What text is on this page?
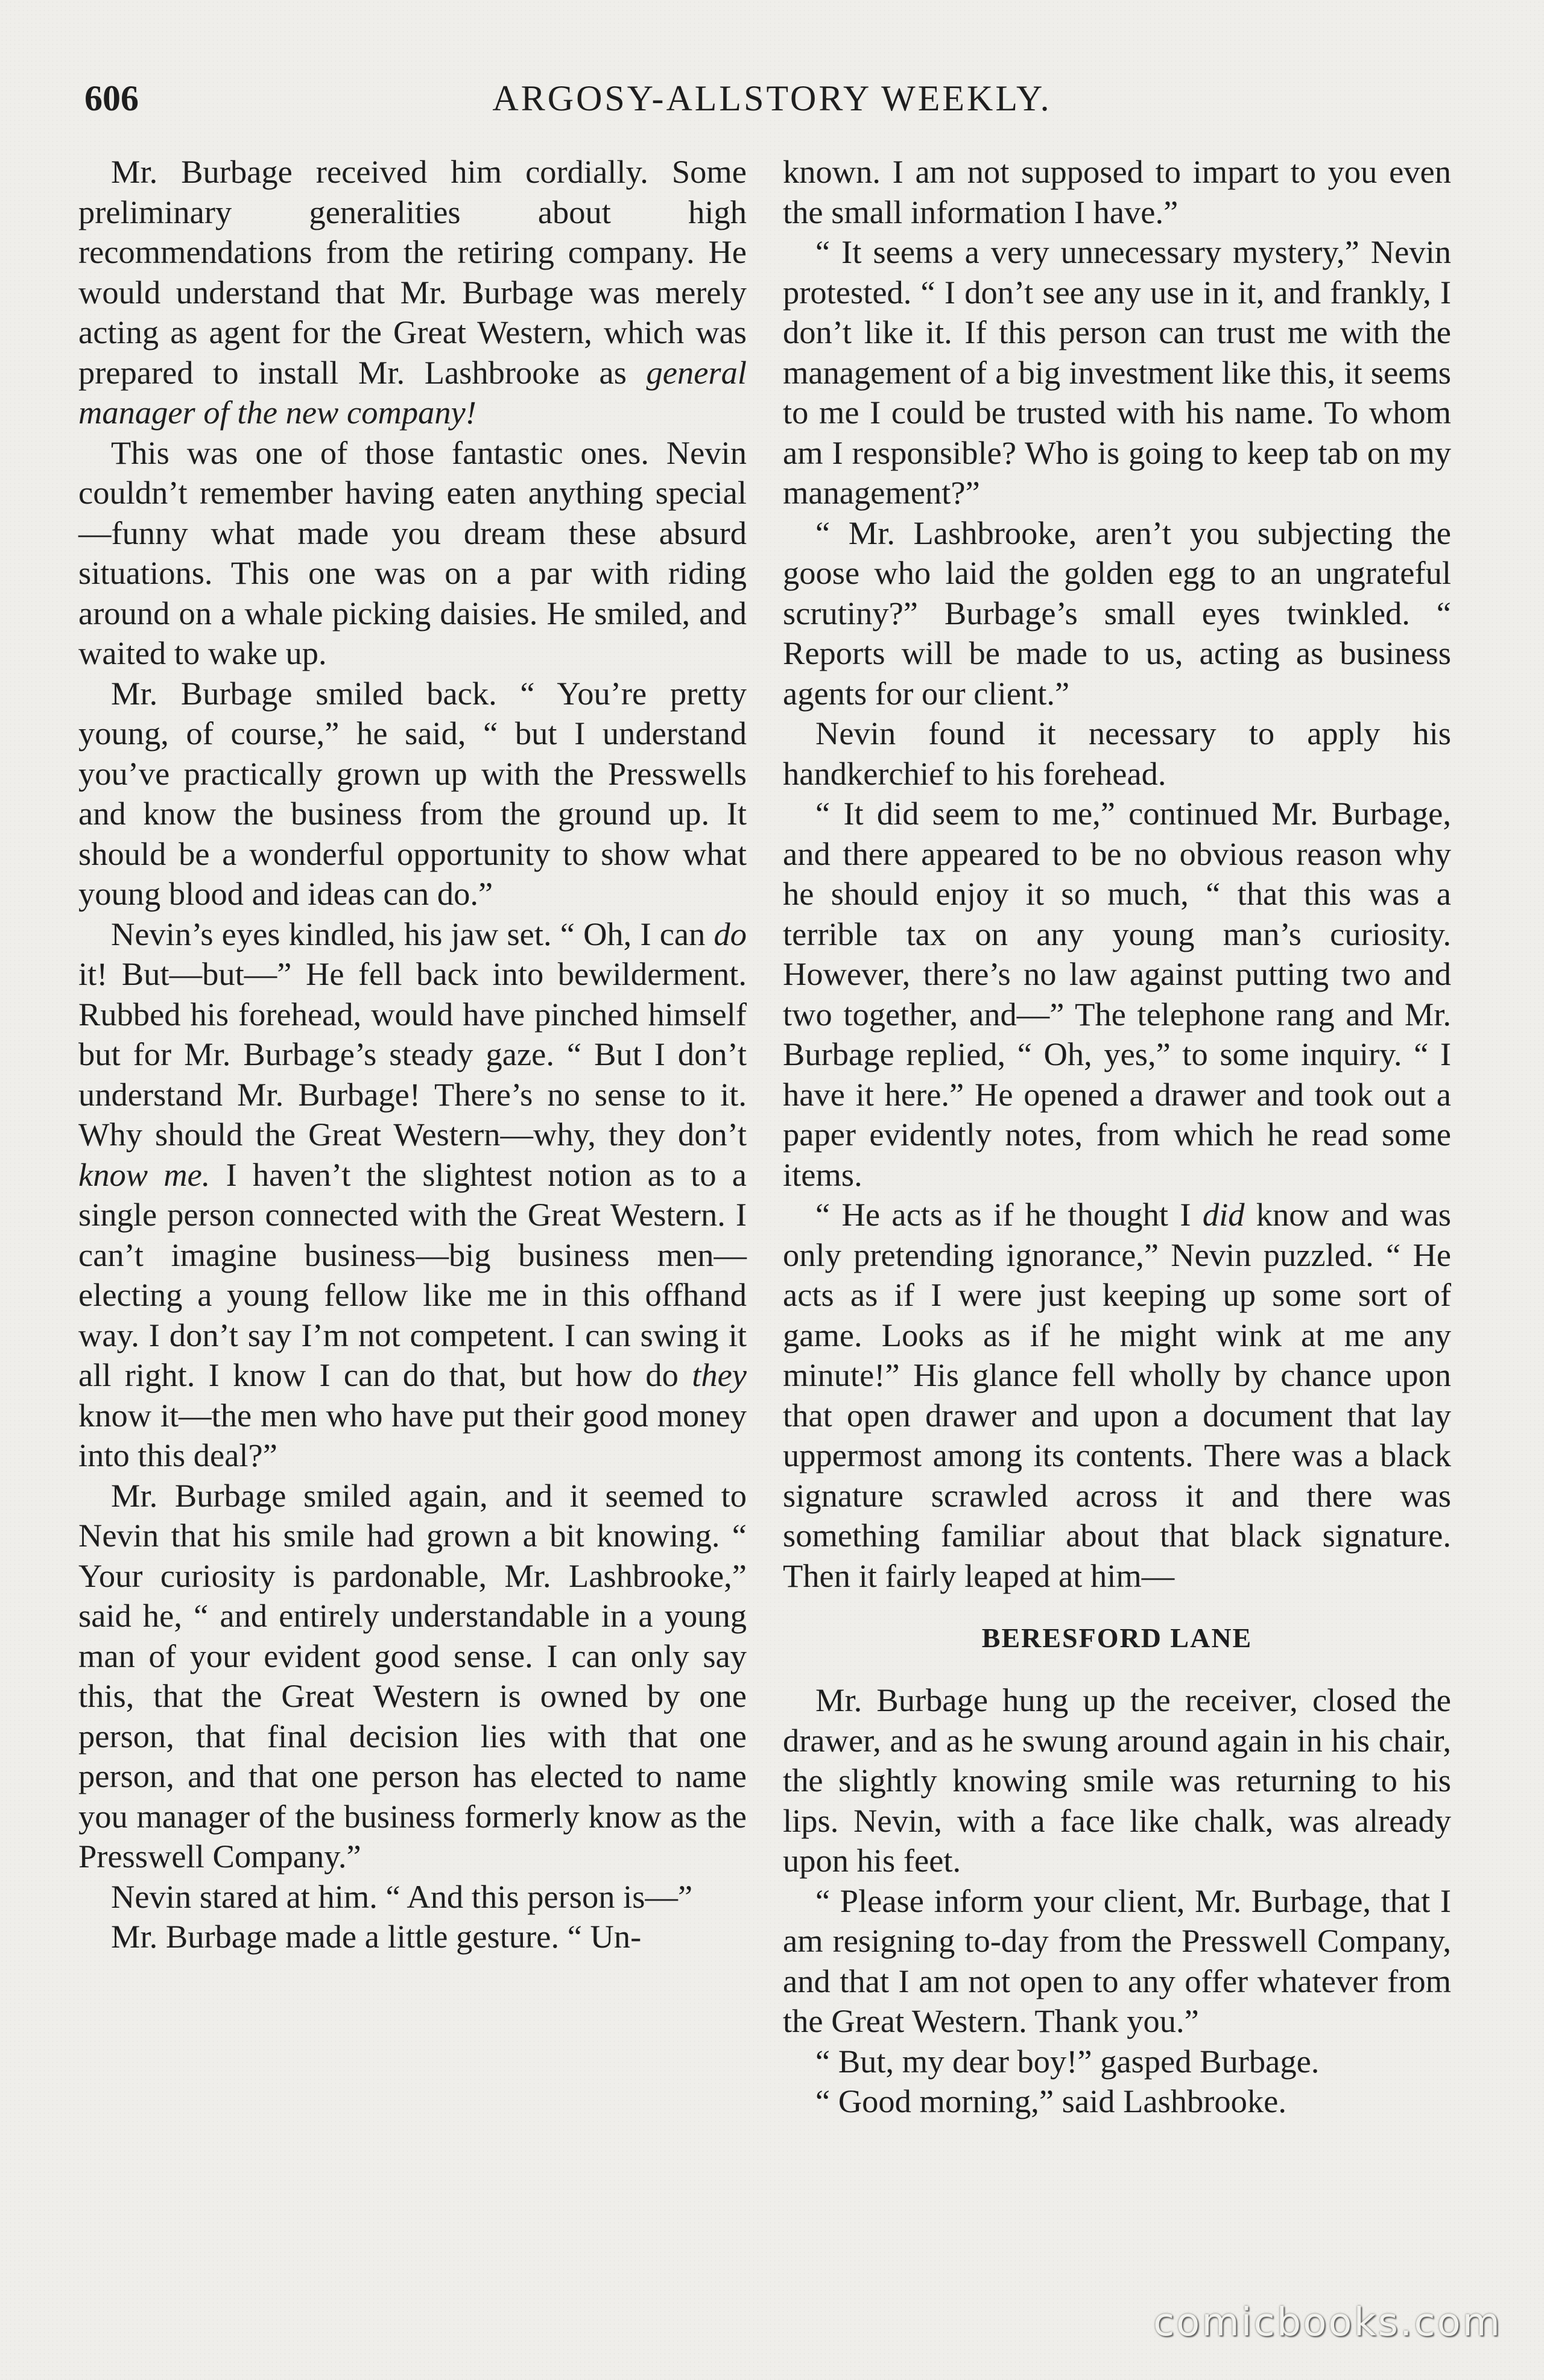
606	ARGOSY-ALLSTORY WEEKLY.

Mr. Burbage received him cordially. Some preliminary generalities about high recommendations from the retiring company. He would understand that Mr. Burbage was merely acting as agent for the Great Western, which was prepared to install Mr. Lashbrooke as general manager of the new company!

This was one of those fantastic ones. Nevin couldn’t remember having eaten anything special—funny what made you dream these absurd situations. This one was on a par with riding around on a whale picking daisies. He smiled, and waited to wake up.

Mr. Burbage smiled back. “ You’re pretty young, of course,” he said, “ but I understand you’ve practically grown up with the Presswells and know the business from the ground up. It should be a wonderful opportunity to show what young blood and ideas can do.”

Nevin’s eyes kindled, his jaw set. “ Oh, I can do it! But—but—” He fell back into bewilderment. Rubbed his forehead, would have pinched himself but for Mr. Burbage’s steady gaze. “ But I don’t understand Mr. Burbage! There’s no sense to it. Why should the Great Western—why, they don’t know me. I haven’t the slightest notion as to a single person connected with the Great Western. I can’t imagine business—big business men—electing a young fellow like me in this offhand way. I don’t say I’m not competent. I can swing it all right. I know I can do that, but how do they know it—the men who have put their good money into this deal?”

Mr. Burbage smiled again, and it seemed to Nevin that his smile had grown a bit knowing. “ Your curiosity is pardonable, Mr. Lashbrooke,” said he, “ and entirely understandable in a young man of your evident good sense. I can only say this, that the Great Western is owned by one person, that final decision lies with that one person, and that one person has elected to name you manager of the business formerly know as the Presswell Company.”

Nevin stared at him. “ And this person is—”

Mr. Burbage made a little gesture. “ Un-

known. I am not supposed to impart to you even the small information I have.”

“ It seems a very unnecessary mystery,” Nevin protested. “ I don’t see any use in it, and frankly, I don’t like it. If this person can trust me with the management of a big investment like this, it seems to me I could be trusted with his name. To whom am I responsible? Who is going to keep tab on my management?”

“ Mr. Lashbrooke, aren’t you subjecting the goose who laid the golden egg to an ungrateful scrutiny?” Burbage’s small eyes twinkled. “ Reports will be made to us, acting as business agents for our client.”

Nevin found it necessary to apply his handkerchief to his forehead.

“ It did seem to me,” continued Mr. Burbage, and there appeared to be no obvious reason why he should enjoy it so much, “ that this was a terrible tax on any young man’s curiosity. However, there’s no law against putting two and two together, and—” The telephone rang and Mr. Burbage replied, “ Oh, yes,” to some inquiry. “ I have it here.” He opened a drawer and took out a paper evidently notes, from which he read some items.

“ He acts as if he thought I did know and was only pretending ignorance,” Nevin puzzled. “ He acts as if I were just keeping up some sort of game. Looks as if he might wink at me any minute!” His glance fell wholly by chance upon that open drawer and upon a document that lay uppermost among its contents. There was a black signature scrawled across it and there was something familiar about that black signature. Then it fairly leaped at him—

BERESFORD LANE

Mr. Burbage hung up the receiver, closed the drawer, and as he swung around again in his chair, the slightly knowing smile was returning to his lips. Nevin, with a face like chalk, was already upon his feet.

“ Please inform your client, Mr. Burbage, that I am resigning to-day from the Presswell Company, and that I am not open to any offer whatever from the Great Western. Thank you.”

“ But, my dear boy!” gasped Burbage.

“ Good morning,” said Lashbrooke.

comicbooks.com
